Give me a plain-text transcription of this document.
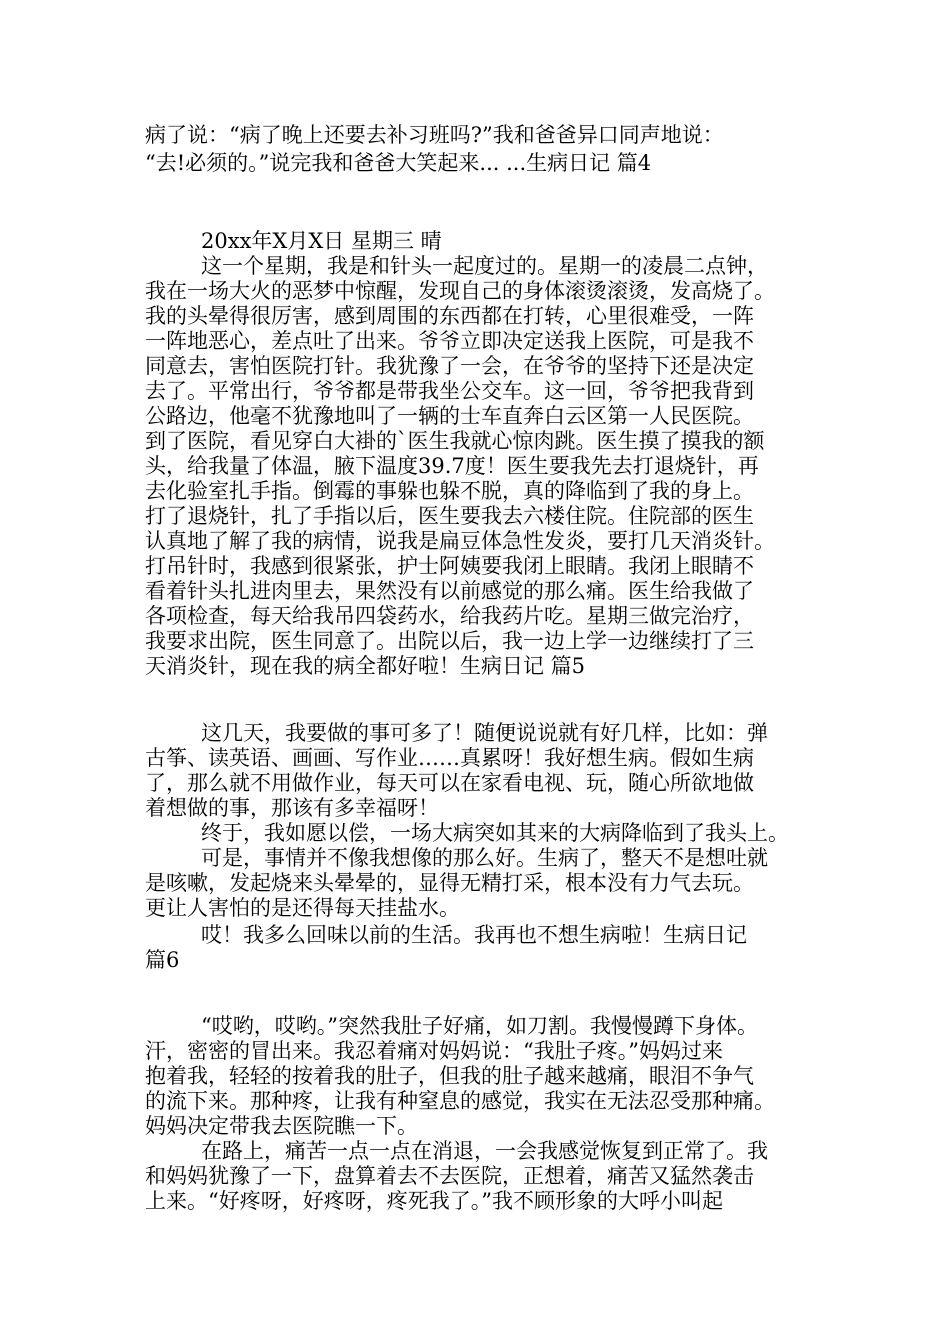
病了说：“病了晚上还要去补习班吗?”我和爸爸异口同声地说：
“去!必须的。”说完我和爸爸大笑起来... ...生病日记 篇4
20xx年X月X日 星期三 晴
这一个星期，我是和针头一起度过的。星期一的凌晨二点钟，
我在一场大火的恶梦中惊醒，发现自己的身体滚烫滚烫，发高烧了。
我的头晕得很厉害，感到周围的东西都在打转，心里很难受，一阵
一阵地恶心，差点吐了出来。爷爷立即决定送我上医院，可是我不
同意去，害怕医院打针。我犹豫了一会，在爷爷的坚持下还是决定
去了。平常出行，爷爷都是带我坐公交车。这一回，爷爷把我背到
公路边，他毫不犹豫地叫了一辆的士车直奔白云区第一人民医院。
到了医院，看见穿白大褂的`医生我就心惊肉跳。医生摸了摸我的额
头，给我量了体温，腋下温度39.7度！医生要我先去打退烧针，再
去化验室扎手指。倒霉的事躲也躲不脱，真的降临到了我的身上。
打了退烧针，扎了手指以后，医生要我去六楼住院。住院部的医生
认真地了解了我的病情，说我是扁豆体急性发炎，要打几天消炎针。
打吊针时，我感到很紧张，护士阿姨要我闭上眼睛。我闭上眼睛不
看着针头扎进肉里去，果然没有以前感觉的那么痛。医生给我做了
各项检查，每天给我吊四袋药水，给我药片吃。星期三做完治疗，
我要求出院，医生同意了。出院以后，我一边上学一边继续打了三
天消炎针，现在我的病全都好啦！生病日记 篇5
这几天，我要做的事可多了！随便说说就有好几样，比如：弹
古筝、读英语、画画、写作业……真累呀！我好想生病。假如生病
了，那么就不用做作业，每天可以在家看电视、玩，随心所欲地做
着想做的事，那该有多幸福呀！
终于，我如愿以偿，一场大病突如其来的大病降临到了我头上。
可是，事情并不像我想像的那么好。生病了，整天不是想吐就
是咳嗽，发起烧来头晕晕的，显得无精打采，根本没有力气去玩。
更让人害怕的是还得每天挂盐水。
哎！我多么回味以前的生活。我再也不想生病啦！生病日记
篇6
“哎哟，哎哟。”突然我肚子好痛，如刀割。我慢慢蹲下身体。
汗，密密的冒出来。我忍着痛对妈妈说：“我肚子疼。”妈妈过来
抱着我，轻轻的按着我的肚子，但我的肚子越来越痛，眼泪不争气
的流下来。那种疼，让我有种窒息的感觉，我实在无法忍受那种痛。
妈妈决定带我去医院瞧一下。
在路上，痛苦一点一点在消退，一会我感觉恢复到正常了。我
和妈妈犹豫了一下，盘算着去不去医院，正想着，痛苦又猛然袭击
上来。“好疼呀，好疼呀，疼死我了。”我不顾形象的大呼小叫起
